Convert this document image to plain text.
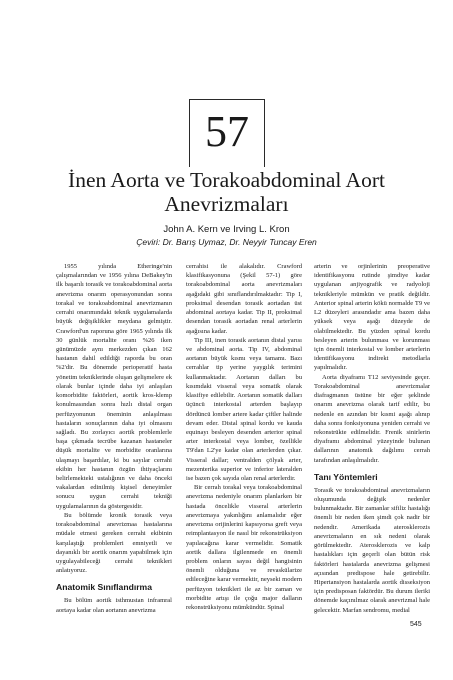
57
İnen Aorta ve Torakoabdominal Aort
Anevrizmaları
John A. Kern ve Irving L. Kron
Çeviri: Dr. Barış Uymaz, Dr. Neyyir Tuncay Eren

1955 yılında Etheringe'nin çalışmalarından ve 1956 yılına DeBakey'in ilk başarılı torasik ve torakoabdominal aorta anevrizma onarım operasyonundan sonra torakal ve torakoabdominal anevrizmanın cerrahi onarımındaki teknik uygulamalarda büyük değişiklikler meydana gelmiştir. Crawford'un raporuna göre 1965 yılında ilk 30 günlük mortalite oranı %26 iken günümüzde aynı merkezden çıkan 162 hastanın dahil edildiği raporda bu oran %2'dir. Bu dönemde perioperatif hasta yönetim tekniklerinde oluşan gelişmelere ek olarak bunlar içinde daha iyi anlaşılan komorbidite faktörleri, aortik kros-klemp konulmasından sonra hızlı distal organ perfüzyonunun öneminin anlaşılması hastaların sonuçlarının daha iyi olmasını sağladı. Bu zorlayıcı aortik problemlerle başa çıkmada tecrübe kazanan hastaneler düşük mortalite ve morbidite oranlarına ulaşmayı başardılar, ki bu sayılar cerrahi ekibin her hastanın özgün ihtiyaçlarını belirlemekteki ustalığının ve daha önceki vakalardan edinilmiş kişisel deneyimler sonucu uygun cerrahi tekniği uygulamalarının da göstergesidir.

Bu bölümde kronik torasik veya torakoabdominal anevrizmaa hastalarına müdale etmesi gereken cerrahi ekibinin karşılaştığı problemleri emniyetli ve dayanıklı bir aortik onarım yapabilmek için uygulayabileceği cerrahi teknikleri anlatıyoruz.

Anatomik Sınıflandırma

Bu bölüm aortik isthmustan inframral aortaya kadar olan aortanın anevrizma

cerrahisi ile alakalıdır. Crawford klasifikasyonuna (Şekil 57-1) göre torakoabdominal aorta anevrizmaları aşağıdaki gibi sınıflandırılmaktadır: Tip I, proksimal desendan torasik aortadan üst abdominal aortaya kadar. Tip II, proksimal desendan torasik aortadan renal arterlerin aşağısına kadar.

Tip III, inen torasik aortanın distal yarısı ve abdominal aorta. Tip IV, abdominal aortanın büyük kısmı veya tamamı. Bazı cerrahlar tip yerine yaygılık terimini kullanmaktadır. Aortanın dalları bu kısımdaki visseral veya somatik olarak klasifiye edilebilir. Aortanın somatik dalları üçüncü interkostal arterden başlayıp dördüncü lomber artere kadar çiftler halinde devam eder. Distal spinal kordu ve kauda equinayı besleyen desenden arterior spinal arter interkostal veya lomber, özellikle T9'dan L2'ye kadar olan arterlerden çıkar. Visseral dallar; ventralden çölyak arter, mezenterika superior ve inferior lateralden ise bazen çok sayıda olan renal arterlerdir.

Bir cerrah torakal veya torakoabdominal anevrizma nedeniyle onarım planlarken bir hastada öncelikle visseral arterlerin anevrizmaya yakınlığını anlamalıdır eğer anevrizma orijinlerini kapsıyorsa greft veya reimplantasyon ile nasıl bir rekonstrüksiyon yapılacağına karar vermelidir. Somatik aortik dallara ilgilenmede en önemli problem onların sayısı değil hangisinin önemli olduğuna ve revaskülarize edileceğine karar vermektir, neyseki modern perfüzyon teknikleri ile az bir zaman ve morbidite artışı ile çoğu major dalların rekonstrüksiyonu mümkündür. Spinal

arterin ve orjinlerinin preoperative identifikasyonu rutinde şimdiye kadar uygulanan anjiyografik ve radyoloji teknikleriyle mümkün ve pratik değildir. Anterior spinal arterin kökü normalde T9 ve L2 düzeyleri arasındadır ama bazen daha yüksek veya aşağı düzeyde de olabilmektedir. Bu yüzden spinal kordu besleyen arterin bulunması ve korunması için önemli interkostal ve lomber arterlerin identifikasyonu indirekt metodlarla yapılmalıdır.

Aorta diyaframı T12 seviyesinde geçer. Torakoabdominal anevrizmalar diafragmanın üstüne bir eğer şeklinde onarım anevrizma olarak tarif edilir, bu nedenle en azından bir kısmi aşağı alınıp daha sonra fonksiyonuna yeniden cerrahi ve rekonstrükte edilmelidir. Frenik sinirlerin diyaframı abdominal yüzeyinde bulunan dallarının anatomik dağılımı cerrah tarafından anlaşılmalıdır.

Tanı Yöntemleri

Torasik ve torakoabdominal anevrizmaların oluşumunda değişik nedenler bulunmaktadır. Bir zamanlar sifiliz hastalığı önemli bir neden iken şimdi çok nadir bir nedendir. Amerikada aterosklerozis anevrizmaların en sık nedeni olarak görülmektedir. Aterosklerozis ve kalp hastalıkları için geçerli olan bütün risk faktörleri hastalarda anevrizma gelişmesi açısından predispose hale getirebilir. Hipertansiyon hastalarda aortik disseksiyon için predisposan faktördür. Bu durum ileriki dönemde kaçınılmaz olarak anevrizmal hale gelecektir. Marfan sendromu, medial

545
